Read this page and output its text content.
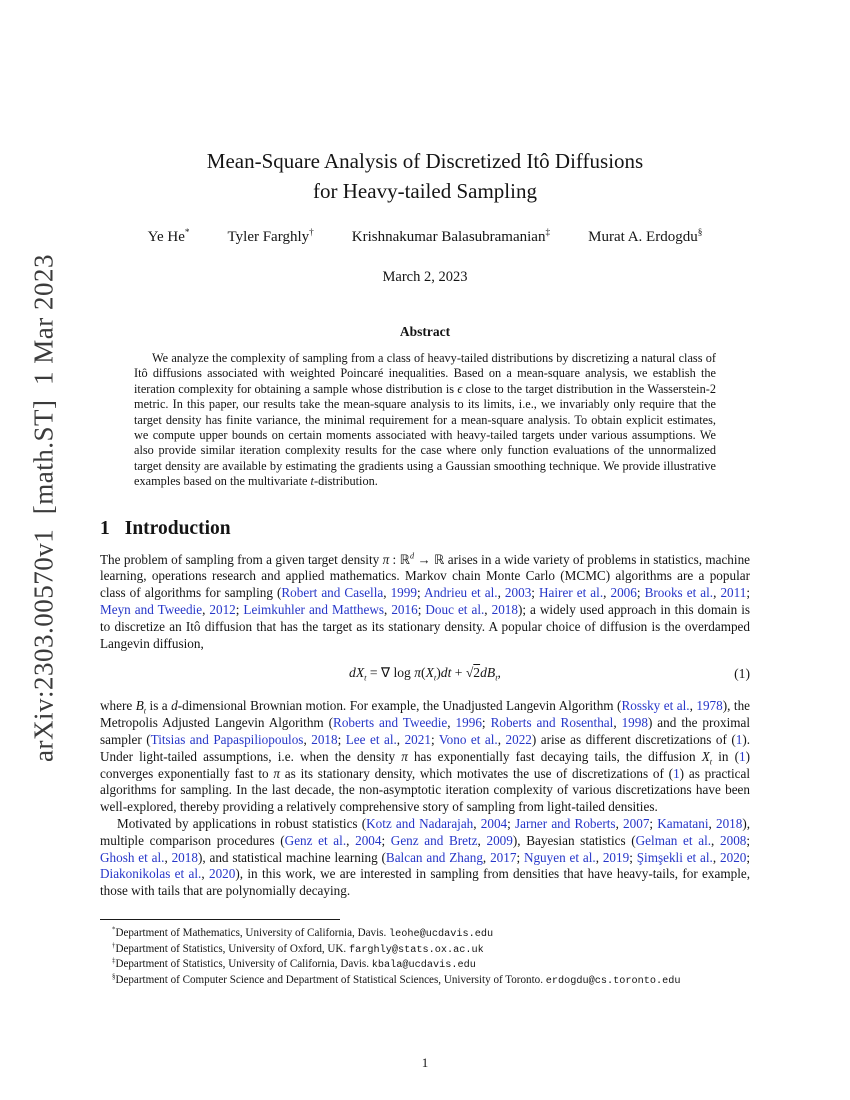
arXiv:2303.00570v1  [math.ST]  1 Mar 2023
Mean-Square Analysis of Discretized Itô Diffusions
for Heavy-tailed Sampling
Ye He*	Tyler Farghly†	Krishnakumar Balasubramanian‡	Murat A. Erdogdu§
March 2, 2023
Abstract

We analyze the complexity of sampling from a class of heavy-tailed distributions by discretizing a natural class of Itô diffusions associated with weighted Poincaré inequalities. Based on a mean-square analysis, we establish the iteration complexity for obtaining a sample whose distribution is ϵ close to the target distribution in the Wasserstein-2 metric. In this paper, our results take the mean-square analysis to its limits, i.e., we invariably only require that the target density has finite variance, the minimal requirement for a mean-square analysis. To obtain explicit estimates, we compute upper bounds on certain moments associated with heavy-tailed targets under various assumptions. We also provide similar iteration complexity results for the case where only function evaluations of the unnormalized target density are available by estimating the gradients using a Gaussian smoothing technique. We provide illustrative examples based on the multivariate t-distribution.

1 Introduction

The problem of sampling from a given target density π : ℝ$^d$ → ℝ arises in a wide variety of problems in statistics, machine learning, operations research and applied mathematics. Markov chain Monte Carlo (MCMC) algorithms are a popular class of algorithms for sampling (Robert and Casella, 1999; Andrieu et al., 2003; Hairer et al., 2006; Brooks et al., 2011; Meyn and Tweedie, 2012; Leimkuhler and Matthews, 2016; Douc et al., 2018); a widely used approach in this domain is to discretize an Itô diffusion that has the target as its stationary density. A popular choice of diffusion is the overdamped Langevin diffusion,

$dX_t$ = ∇ $\log \pi(X_t)dt + √2dB_t$,	(1)

where $B_t$ is a d-dimensional Brownian motion. For example, the Unadjusted Langevin Algorithm (Rossky et al., 1978), the Metropolis Adjusted Langevin Algorithm (Roberts and Tweedie, 1996; Roberts and Rosenthal, 1998) and the proximal sampler (Titsias and Papaspiliopoulos, 2018; Lee et al., 2021; Vono et al., 2022) arise as different discretizations of (1). Under light-tailed assumptions, i.e. when the density π has exponentially fast decaying tails, the diffusion $X_t$ in (1) converges exponentially fast to π as its stationary density, which motivates the use of discretizations of (1) as practical algorithms for sampling. In the last decade, the non-asymptotic iteration complexity of various discretizations have been well-explored, thereby providing a relatively comprehensive story of sampling from light-tailed densities.

Motivated by applications in robust statistics (Kotz and Nadarajah, 2004; Jarner and Roberts, 2007; Kamatani, 2018), multiple comparison procedures (Genz et al., 2004; Genz and Bretz, 2009), Bayesian statistics (Gelman et al., 2008; Ghosh et al., 2018), and statistical machine learning (Balcan and Zhang, 2017; Nguyen et al., 2019; Şimşekli et al., 2020; Diakonikolas et al., 2020), in this work, we are interested in sampling from densities that have heavy-tails, for example, those with tails that are polynomially decaying.

*Department of Mathematics, University of California, Davis. leohe@ucdavis.edu

†Department of Statistics, University of Oxford, UK. farghly@stats.ox.ac.uk

‡Department of Statistics, University of California, Davis. kbala@ucdavis.edu

§Department of Computer Science and Department of Statistical Sciences, University of Toronto. erdogdu@cs.toronto.edu

1
